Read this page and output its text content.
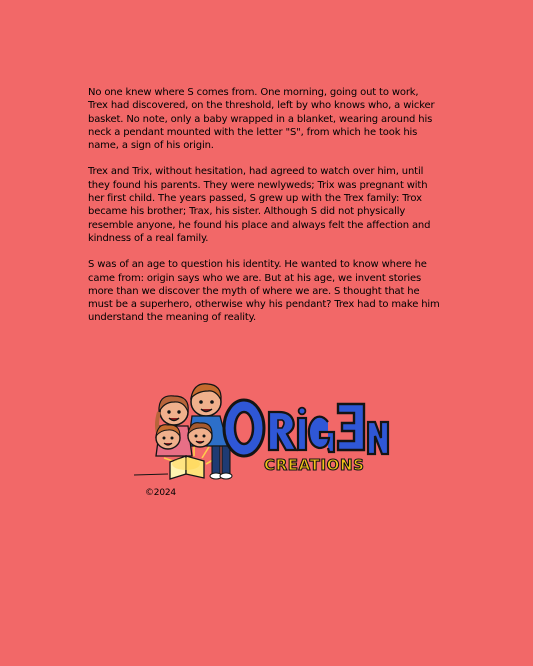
No one knew where S comes from. One morning, going out to work, Trex had discovered, on the threshold, left by who knows who, a wicker basket. No note, only a baby wrapped in a blanket, wearing around his neck a pendant mounted with the letter "S", from which he took his name, a sign of his origin.

Trex and Trix, without hesitation, had agreed to watch over him, until they found his parents. They were newlyweds; Trix was pregnant with her first child. The years passed, S grew up with the Trex family: Trox became his brother; Trax, his sister. Although S did not physically resemble anyone, he found his place and always felt the affection and kindness of a real family.

S was of an age to question his identity. He wanted to know where he came from: origin says who we are. But at his age, we invent stories more than we discover the myth of where we are. S thought that he must be a superhero, otherwise why his pendant? Trex had to make him understand the meaning of reality.

CREATIONS
©2024
